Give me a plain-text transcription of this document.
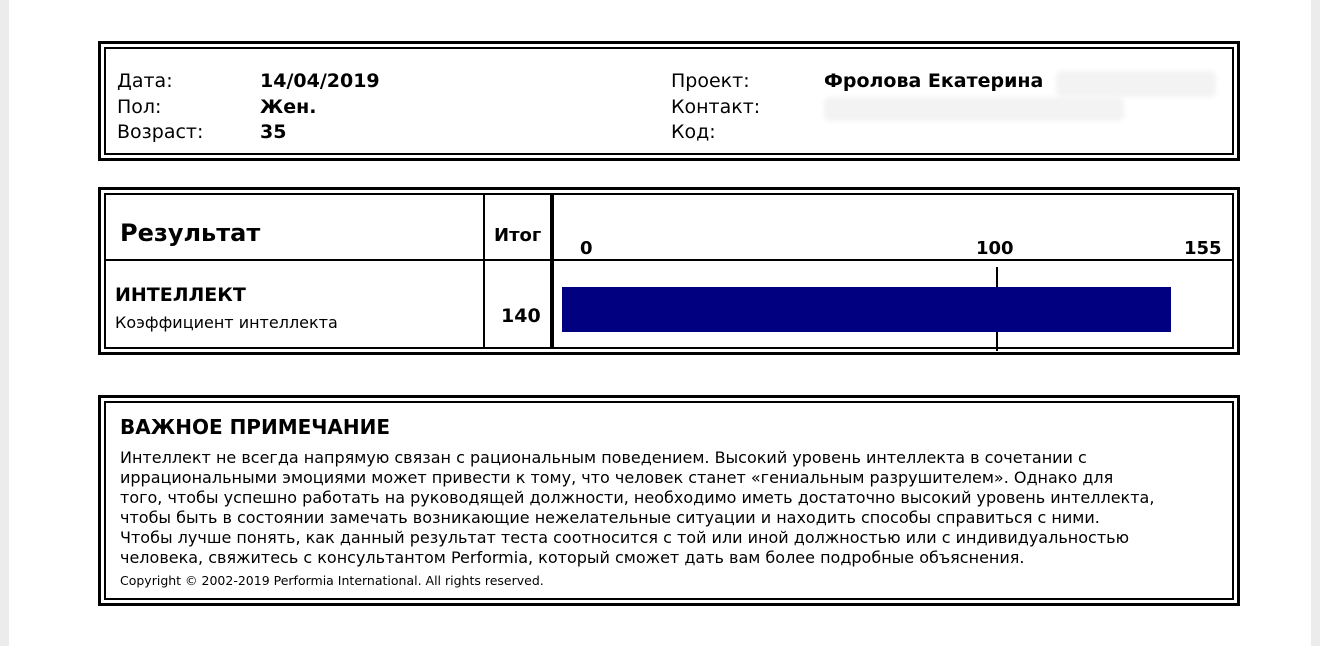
Дата:	14/04/2019
Пол:	Жен.
Возраст:	35
Проект:	Фролова Екатерина
Контакт:
Код:
Результат	Итог
0	100	155
ИНТЕЛЛЕКТ
Коэффициент интеллекта	140
ВАЖНОЕ ПРИМЕЧАНИЕ

Интеллект не всегда напрямую связан с рациональным поведением. Высокий уровень интеллекта в сочетании с

иррациональными эмоциями может привести к тому, что человек станет «гениальным разрушителем». Однако для

того, чтобы успешно работать на руководящей должности, необходимо иметь достаточно высокий уровень интеллекта,

чтобы быть в состоянии замечать возникающие нежелательные ситуации и находить способы справиться с ними.

Чтобы лучше понять, как данный результат теста соотносится с той или иной должностью или с индивидуальностью

человека, свяжитесь с консультантом Performia, который сможет дать вам более подробные объяснения.

Copyright © 2002-2019 Performia International. All rights reserved.
